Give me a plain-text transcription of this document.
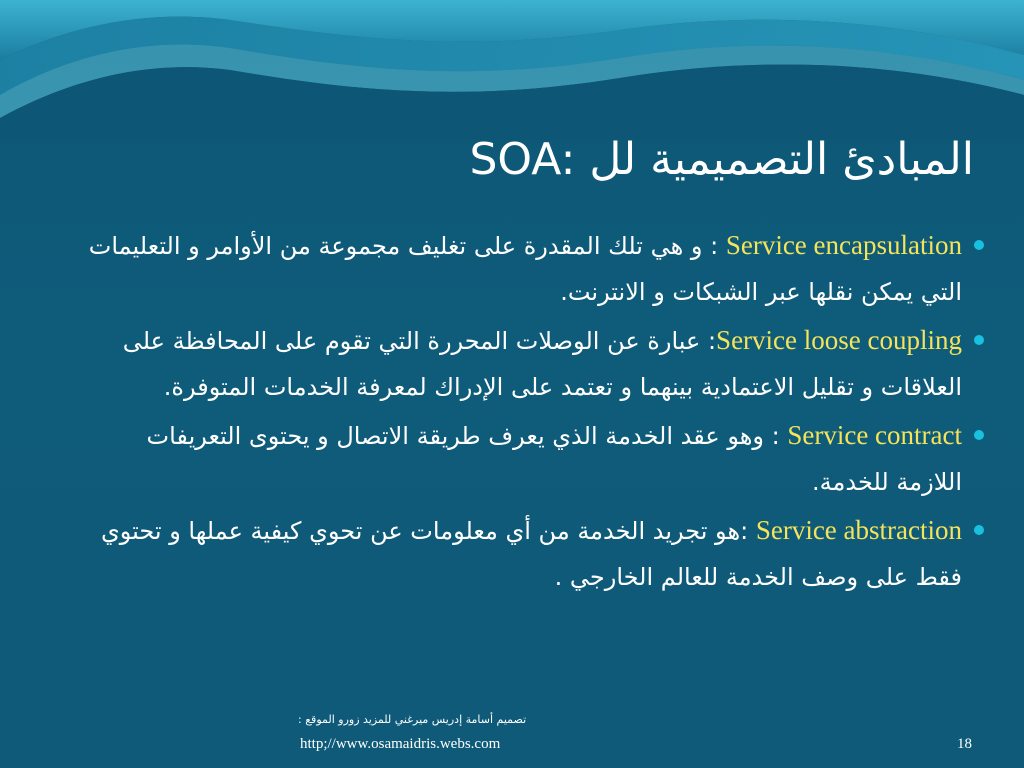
المبادئ التصميمية لل SOA:
Service encapsulation : و هي تلك المقدرة على تغليف مجموعة من الأوامر و التعليمات التي يمكن نقلها عبر الشبكات و الانترنت.
Service loose coupling: عبارة عن الوصلات المحررة التي تقوم على المحافظة على العلاقات و تقليل الاعتمادية بينهما و تعتمد على الإدراك لمعرفة الخدمات المتوفرة.
Service contract : وهو عقد الخدمة الذي يعرف طريقة الاتصال و يحتوى التعريفات اللازمة للخدمة.
Service abstraction :هو تجريد الخدمة من أي معلومات عن تحوي كيفية عملها و تحتوي فقط على وصف الخدمة للعالم الخارجي .
تصميم أسامة إدريس ميرغني للمزيد زورو الموقع :
http;//www.osamaidris.webs.com	18
